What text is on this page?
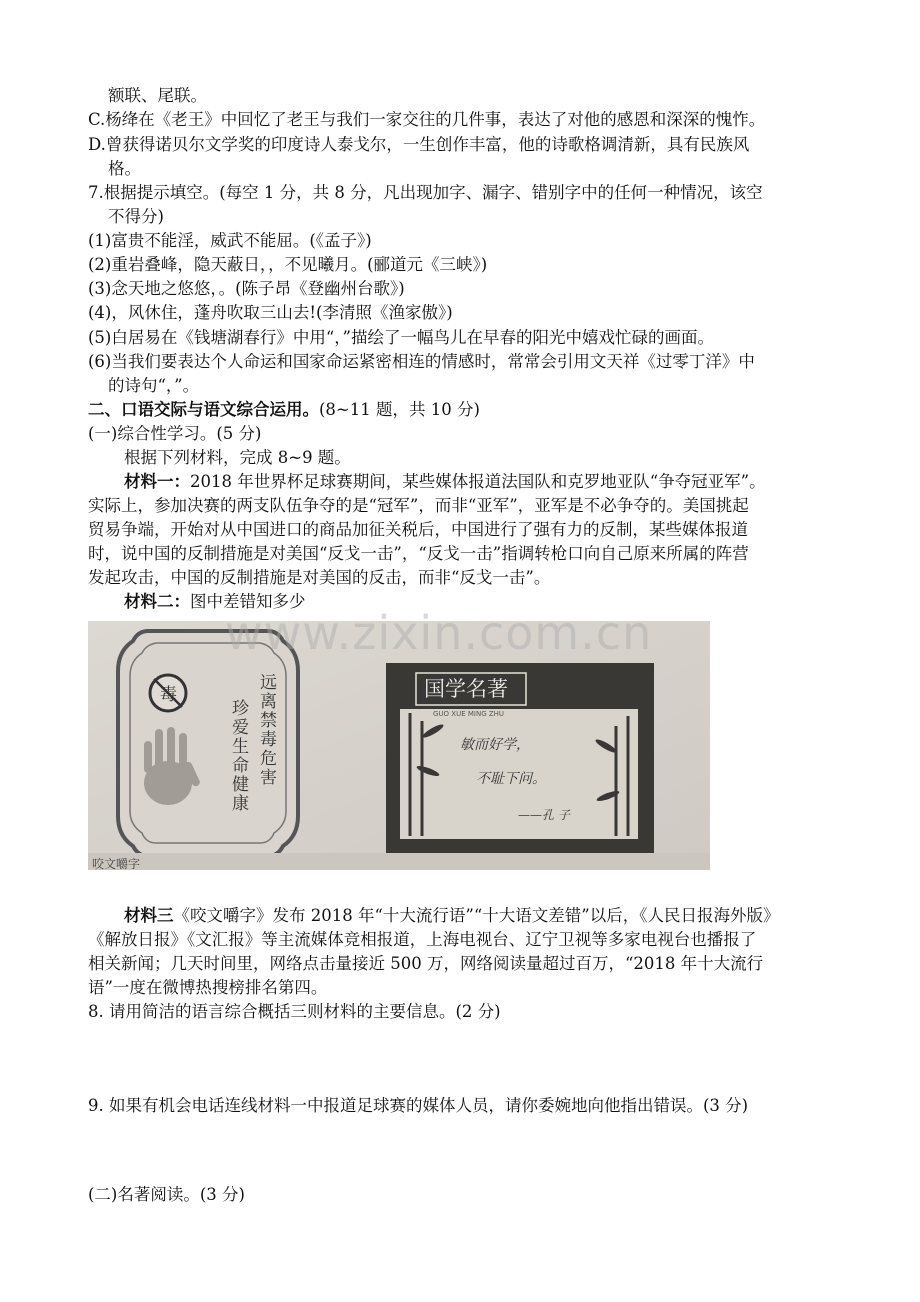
额联、尾联。
C.杨绛在《老王》中回忆了老王与我们一家交往的几件事，表达了对他的感恩和深深的愧怍。
D.曾获得诺贝尔文学奖的印度诗人泰戈尔，一生创作丰富，他的诗歌格调清新，具有民族风
格。
7.根据提示填空。(每空 1 分，共 8 分，凡出现加字、漏字、错别字中的任何一种情况，该空
不得分)
(1)富贵不能淫，威武不能屈。(《孟子》)
(2)重岩叠峰，隐天蔽日，，不见曦月。(郦道元《三峡》)
(3)念天地之悠悠，。(陈子昂《登幽州台歌》)
(4)，风休住，蓬舟吹取三山去!(李清照《渔家傲》)
(5)白居易在《钱塘湖春行》中用“，”描绘了一幅鸟儿在早春的阳光中嬉戏忙碌的画面。
(6)当我们要表达个人命运和国家命运紧密相连的情感时，常常会引用文天祥《过零丁洋》中
的诗句“，”。
二、口语交际与语文综合运用。(8~11 题，共 10 分)
(一)综合性学习。(5 分)
根据下列材料，完成 8~9 题。
材料一：2018 年世界杯足球赛期间，某些媒体报道法国队和克罗地亚队“争夺冠亚军”。
实际上，参加决赛的两支队伍争夺的是“冠军”，而非“亚军”，亚军是不必争夺的。美国挑起
贸易争端，开始对从中国进口的商品加征关税后，中国进行了强有力的反制，某些媒体报道
时，说中国的反制措施是对美国“反戈一击”，“反戈一击”指调转枪口向自己原来所属的阵营
发起攻击，中国的反制措施是对美国的反击，而非“反戈一击”。
材料二：图中差错知多少
远离禁毒危害
珍爱生命健康
毒	国学名著
GUO XUE MING ZHU
敏而好学，
不耻下问。
——孔 子
咬文嚼字
www.zixin.com.cn
材料三《咬文嚼字》发布 2018 年“十大流行语”“十大语文差错”以后，《人民日报海外版》
《解放日报》《文汇报》等主流媒体竞相报道，上海电视台、辽宁卫视等多家电视台也播报了
相关新闻；几天时间里，网络点击量接近 500 万，网络阅读量超过百万，“2018 年十大流行
语”一度在微博热搜榜排名第四。
8. 请用简洁的语言综合概括三则材料的主要信息。(2 分)
9. 如果有机会电话连线材料一中报道足球赛的媒体人员，请你委婉地向他指出错误。(3 分)
(二)名著阅读。(3 分)
